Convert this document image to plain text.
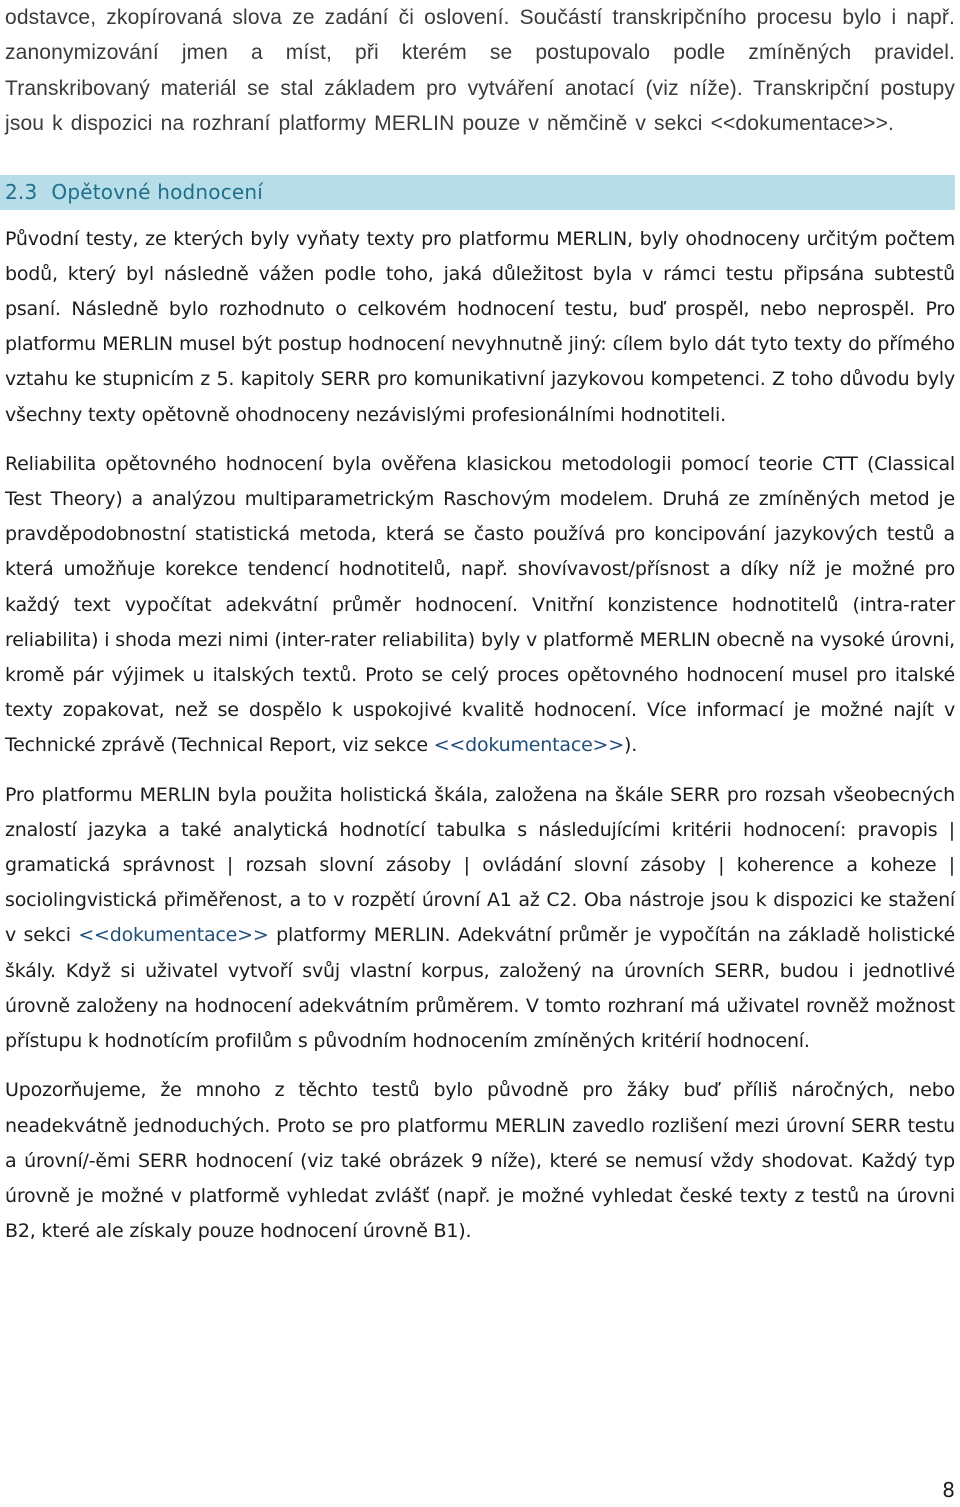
odstavce, zkopírovaná slova ze zadání či oslovení. Součástí transkripčního procesu bylo i např. zanonymizování jmen a míst, při kterém se postupovalo podle zmíněných pravidel. Transkribovaný materiál se stal základem pro vytváření anotací (viz níže). Transkripční postupy jsou k dispozici na rozhraní platformy MERLIN pouze v němčině v sekci <<dokumentace>>.

2.3 Opětovné hodnocení

Původní testy, ze kterých byly vyňaty texty pro platformu MERLIN, byly ohodnoceny určitým počtem bodů, který byl následně vážen podle toho, jaká důležitost byla v rámci testu připsána subtestů psaní. Následně bylo rozhodnuto o celkovém hodnocení testu, buď prospěl, nebo neprospěl. Pro platformu MERLIN musel být postup hodnocení nevyhnutně jiný: cílem bylo dát tyto texty do přímého vztahu ke stupnicím z 5. kapitoly SERR pro komunikativní jazykovou kompetenci. Z toho důvodu byly všechny texty opětovně ohodnoceny nezávislými profesionálními hodnotiteli.

Reliabilita opětovného hodnocení byla ověřena klasickou metodologii pomocí teorie CTT (Classical Test Theory) a analýzou multiparametrickým Raschovým modelem. Druhá ze zmíněných metod je pravděpodobnostní statistická metoda, která se často používá pro koncipování jazykových testů a která umožňuje korekce tendencí hodnotitelů, např. shovívavost/přísnost a díky níž je možné pro každý text vypočítat adekvátní průměr hodnocení. Vnitřní konzistence hodnotitelů (intra-rater reliabilita) i shoda mezi nimi (inter-rater reliabilita) byly v platformě MERLIN obecně na vysoké úrovni, kromě pár výjimek u italských textů. Proto se celý proces opětovného hodnocení musel pro italské texty zopakovat, než se dospělo k uspokojivé kvalitě hodnocení. Více informací je možné najít v Technické zprávě (Technical Report, viz sekce <<dokumentace>>).

Pro platformu MERLIN byla použita holistická škála, založena na škále SERR pro rozsah všeobecných znalostí jazyka a také analytická hodnotící tabulka s následujícími kritérii hodnocení: pravopis | gramatická správnost | rozsah slovní zásoby | ovládání slovní zásoby | koherence a koheze | sociolingvistická přiměřenost, a to v rozpětí úrovní A1 až C2. Oba nástroje jsou k dispozici ke stažení v sekci <<dokumentace>> platformy MERLIN. Adekvátní průměr je vypočítán na základě holistické škály. Když si uživatel vytvoří svůj vlastní korpus, založený na úrovních SERR, budou i jednotlivé úrovně založeny na hodnocení adekvátním průměrem. V tomto rozhraní má uživatel rovněž možnost přístupu k hodnotícím profilům s původním hodnocením zmíněných kritérií hodnocení.

Upozorňujeme, že mnoho z těchto testů bylo původně pro žáky buď příliš náročných, nebo neadekvátně jednoduchých. Proto se pro platformu MERLIN zavedlo rozlišení mezi úrovní SERR testu a úrovní/-ěmi SERR hodnocení (viz také obrázek 9 níže), které se nemusí vždy shodovat. Každý typ úrovně je možné v platformě vyhledat zvlášť (např. je možné vyhledat české texty z testů na úrovni B2, které ale získaly pouze hodnocení úrovně B1).

8
